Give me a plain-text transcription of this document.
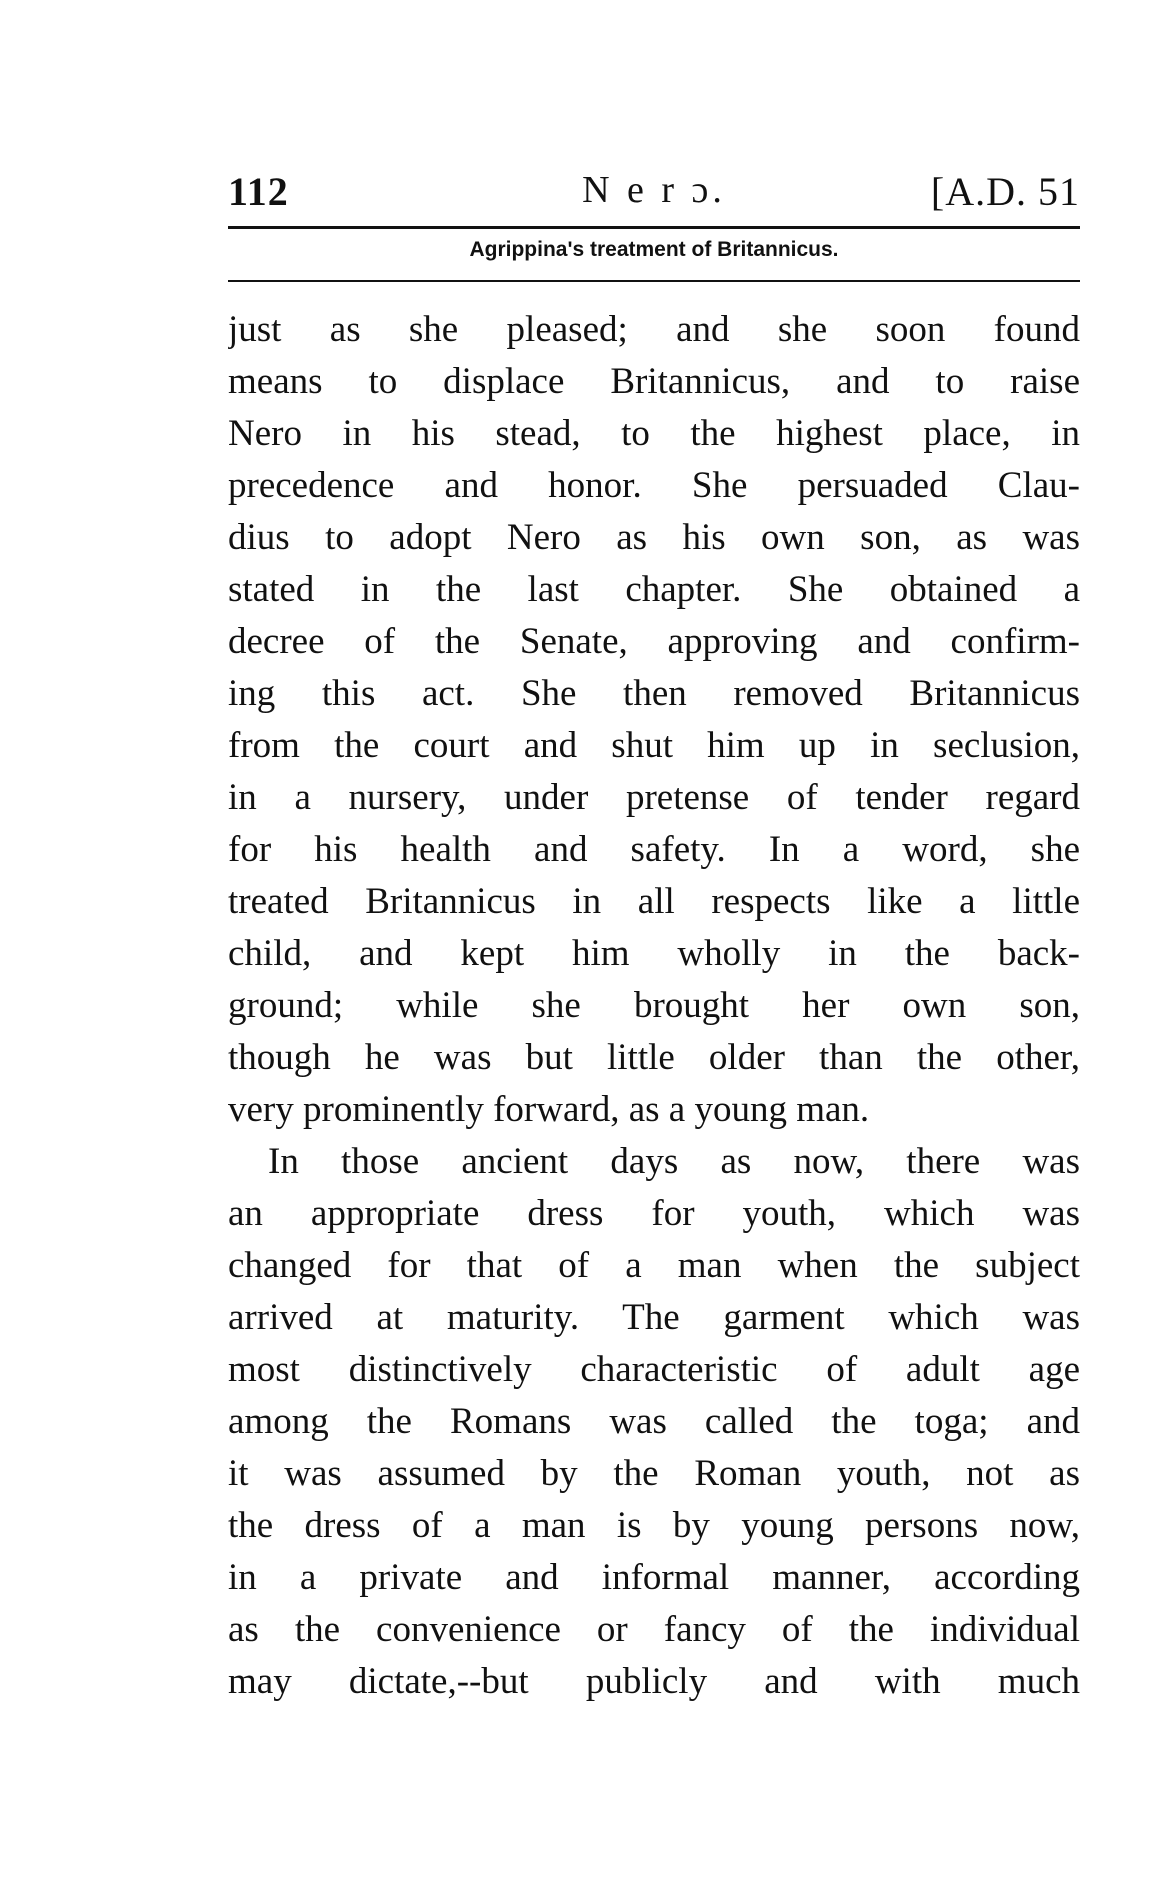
112	N e r ɔ.	[A.D. 51
Agrippina's treatment of Britannicus.
just as she pleased; and she soon found
means to displace Britannicus, and to raise
Nero in his stead, to the highest place, in
precedence and honor. She persuaded Clau-
dius to adopt Nero as his own son, as was
stated in the last chapter. She obtained a
decree of the Senate, approving and confirm-
ing this act. She then removed Britannicus
from the court and shut him up in seclusion,
in a nursery, under pretense of tender regard
for his health and safety. In a word, she
treated Britannicus in all respects like a little
child, and kept him wholly in the back-
ground; while she brought her own son,
though he was but little older than the other,
very prominently forward, as a young man.
In those ancient days as now, there was
an appropriate dress for youth, which was
changed for that of a man when the subject
arrived at maturity. The garment which was
most distinctively characteristic of adult age
among the Romans was called the toga; and
it was assumed by the Roman youth, not as
the dress of a man is by young persons now,
in a private and informal manner, according
as the convenience or fancy of the individual
may dictate,--but publicly and with much
